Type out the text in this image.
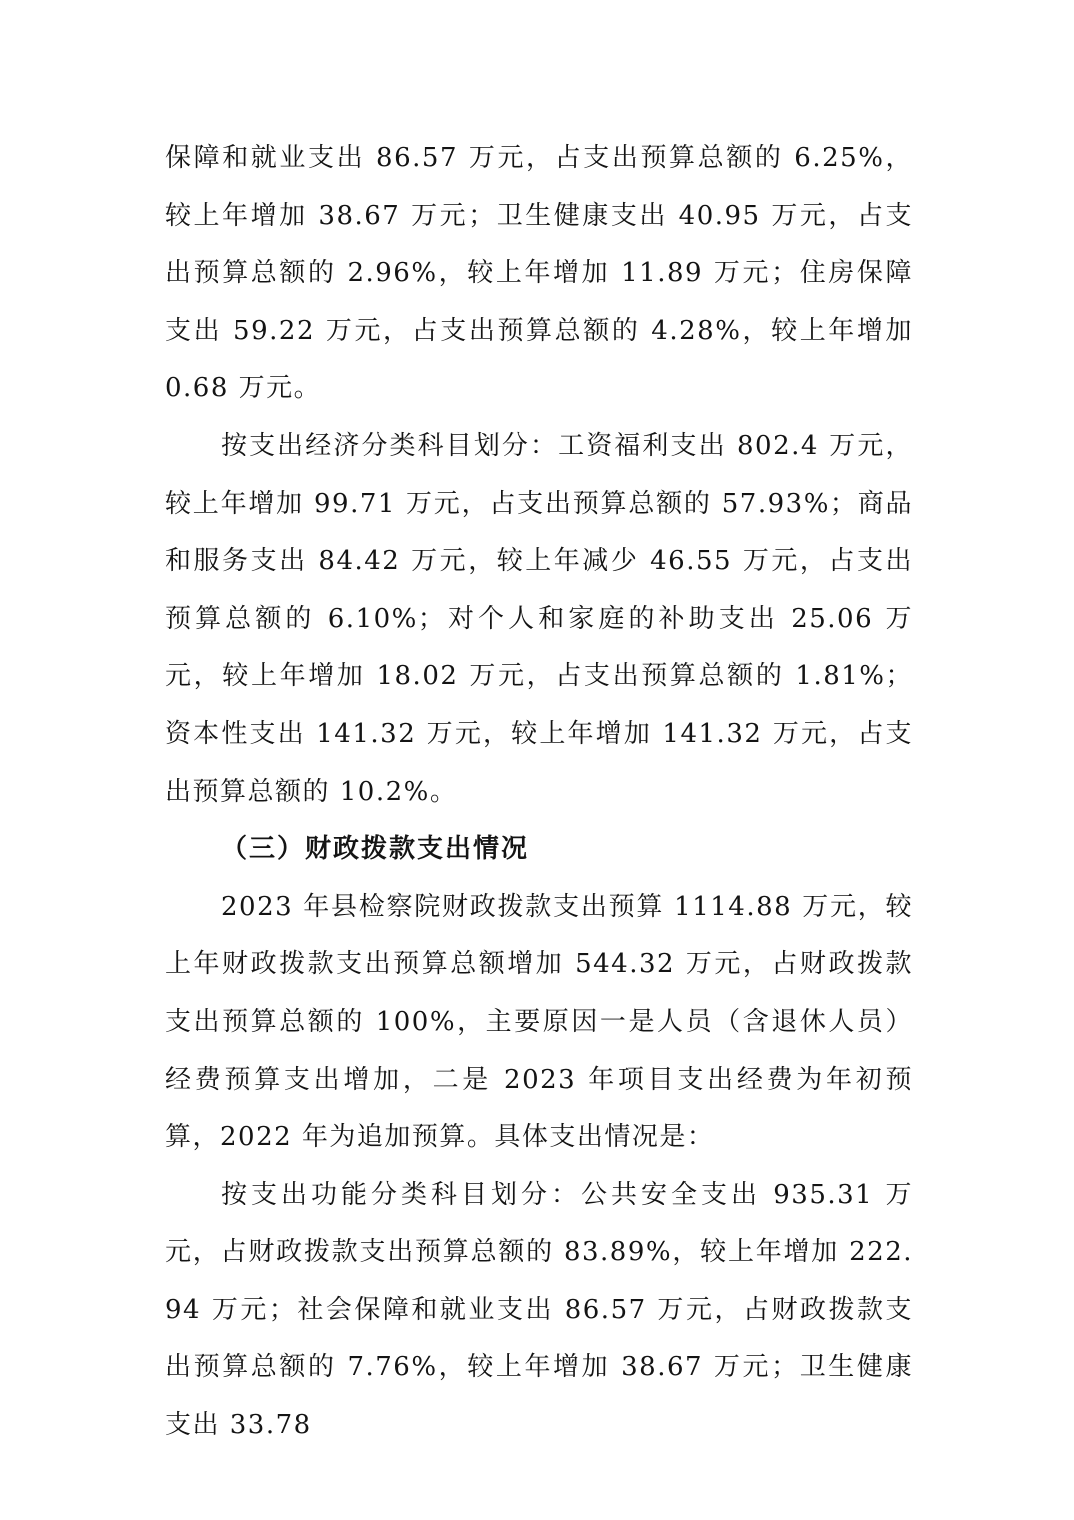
保障和就业支出 86.57 万元，占支出预算总额的 6.25%，较上年增加 38.67 万元；卫生健康支出 40.95 万元，占支出预算总额的 2.96%，较上年增加 11.89 万元；住房保障支出 59.22 万元，占支出预算总额的 4.28%，较上年增加 0.68 万元。

按支出经济分类科目划分：工资福利支出 802.4 万元，较上年增加 99.71 万元，占支出预算总额的 57.93%；商品和服务支出 84.42 万元，较上年减少 46.55 万元，占支出预算总额的 6.10%；对个人和家庭的补助支出 25.06 万元，较上年增加 18.02 万元，占支出预算总额的 1.81%；资本性支出 141.32 万元，较上年增加 141.32 万元，占支出预算总额的 10.2%。

（三）财政拨款支出情况

2023 年县检察院财政拨款支出预算 1114.88 万元，较上年财政拨款支出预算总额增加 544.32 万元，占财政拨款支出预算总额的 100%，主要原因一是人员（含退休人员）经费预算支出增加，二是 2023 年项目支出经费为年初预算，2022 年为追加预算。具体支出情况是：

按支出功能分类科目划分：公共安全支出 935.31 万元，占财政拨款支出预算总额的 83.89%，较上年增加 222.94 万元；社会保障和就业支出 86.57 万元，占财政拨款支出预算总额的 7.76%，较上年增加 38.67 万元；卫生健康支出 33.78
